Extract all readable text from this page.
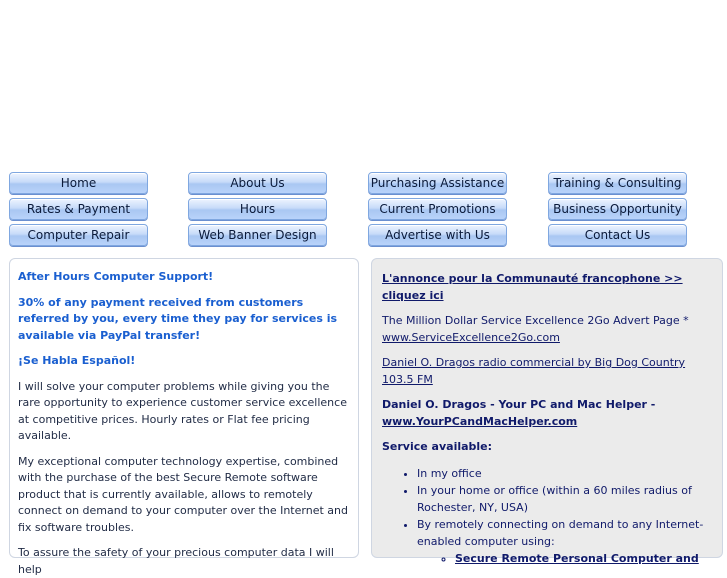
Home	About Us	Purchasing Assistance	Training & Consulting
Rates & Payment	Hours	Current Promotions	Business Opportunity
Computer Repair	Web Banner Design	Advertise with Us	Contact Us

After Hours Computer Support!

30% of any payment received from customers referred by you, every time they pay for services is available via PayPal transfer!

¡Se Habla Español!

I will solve your computer problems while giving you the rare opportunity to experience customer service excellence at competitive prices. Hourly rates or Flat fee pricing available.

My exceptional computer technology expertise, combined with the purchase of the best Secure Remote software product that is currently available, allows to remotely connect on demand to your computer over the Internet and fix software troubles.

To assure the safety of your precious computer data I will help

L'annonce pour la Communauté francophone >> cliquez ici

The Million Dollar Service Excellence 2Go Advert Page *
www.ServiceExcellence2Go.com

Daniel O. Dragos radio commercial by Big Dog Country 103.5 FM

Daniel O. Dragos - Your PC and Mac Helper -
www.YourPCandMacHelper.com

Service available:

• In my office
• In your home or office (within a 60 miles radius of Rochester, NY, USA)
• By remotely connecting on demand to any Internet-enabled computer using:
◦ Secure Remote Personal Computer and
